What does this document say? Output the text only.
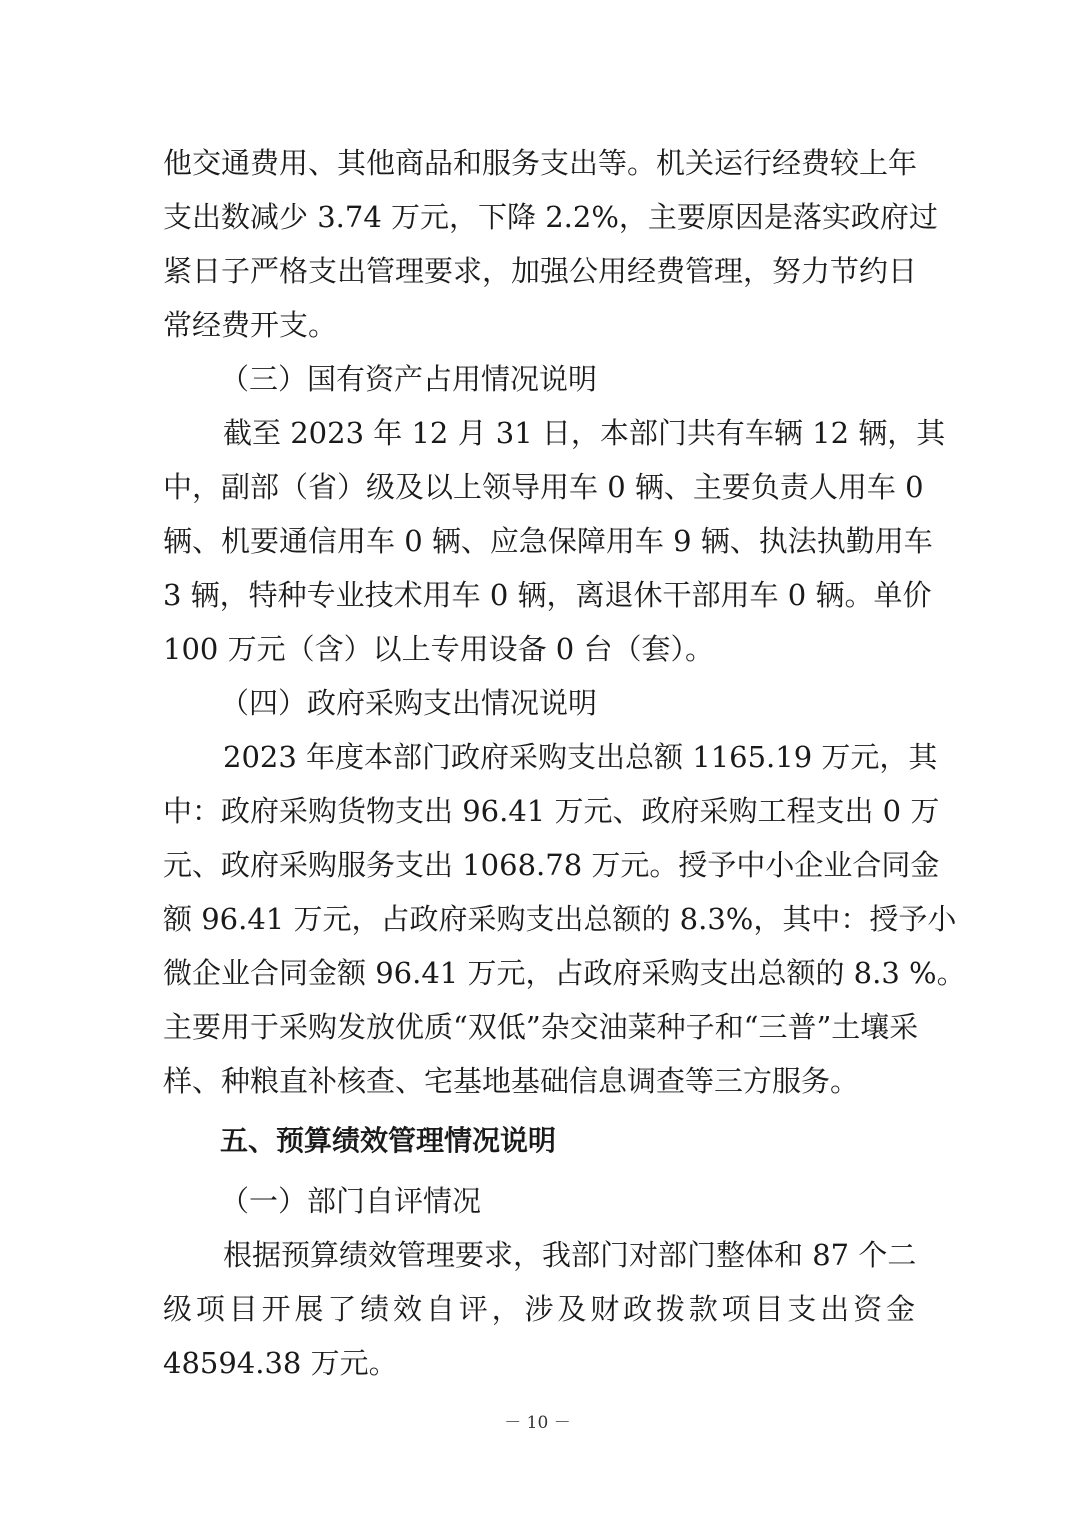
他交通费用、其他商品和服务支出等。机关运行经费较上年
支出数减少 3.74 万元，下降 2.2%，主要原因是落实政府过
紧日子严格支出管理要求，加强公用经费管理，努力节约日
常经费开支。
（三）国有资产占用情况说明
截至 2023 年 12 月 31 日，本部门共有车辆 12 辆，其
中，副部（省）级及以上领导用车 0 辆、主要负责人用车 0
辆、机要通信用车 0 辆、应急保障用车 9 辆、执法执勤用车
3 辆，特种专业技术用车 0 辆，离退休干部用车 0 辆。单价
100 万元（含）以上专用设备 0 台（套）。
（四）政府采购支出情况说明
2023 年度本部门政府采购支出总额 1165.19 万元，其
中：政府采购货物支出 96.41 万元、政府采购工程支出 0 万
元、政府采购服务支出 1068.78 万元。授予中小企业合同金
额 96.41 万元，占政府采购支出总额的 8.3%，其中：授予小
微企业合同金额 96.41 万元，占政府采购支出总额的 8.3 %。
主要用于采购发放优质“双低”杂交油菜种子和“三普”土壤采
样、种粮直补核查、宅基地基础信息调查等三方服务。
五、预算绩效管理情况说明
（一）部门自评情况
根据预算绩效管理要求，我部门对部门整体和 87 个二
级项目开展了绩效自评，涉及财政拨款项目支出资金
48594.38 万元。
－ 10 －
